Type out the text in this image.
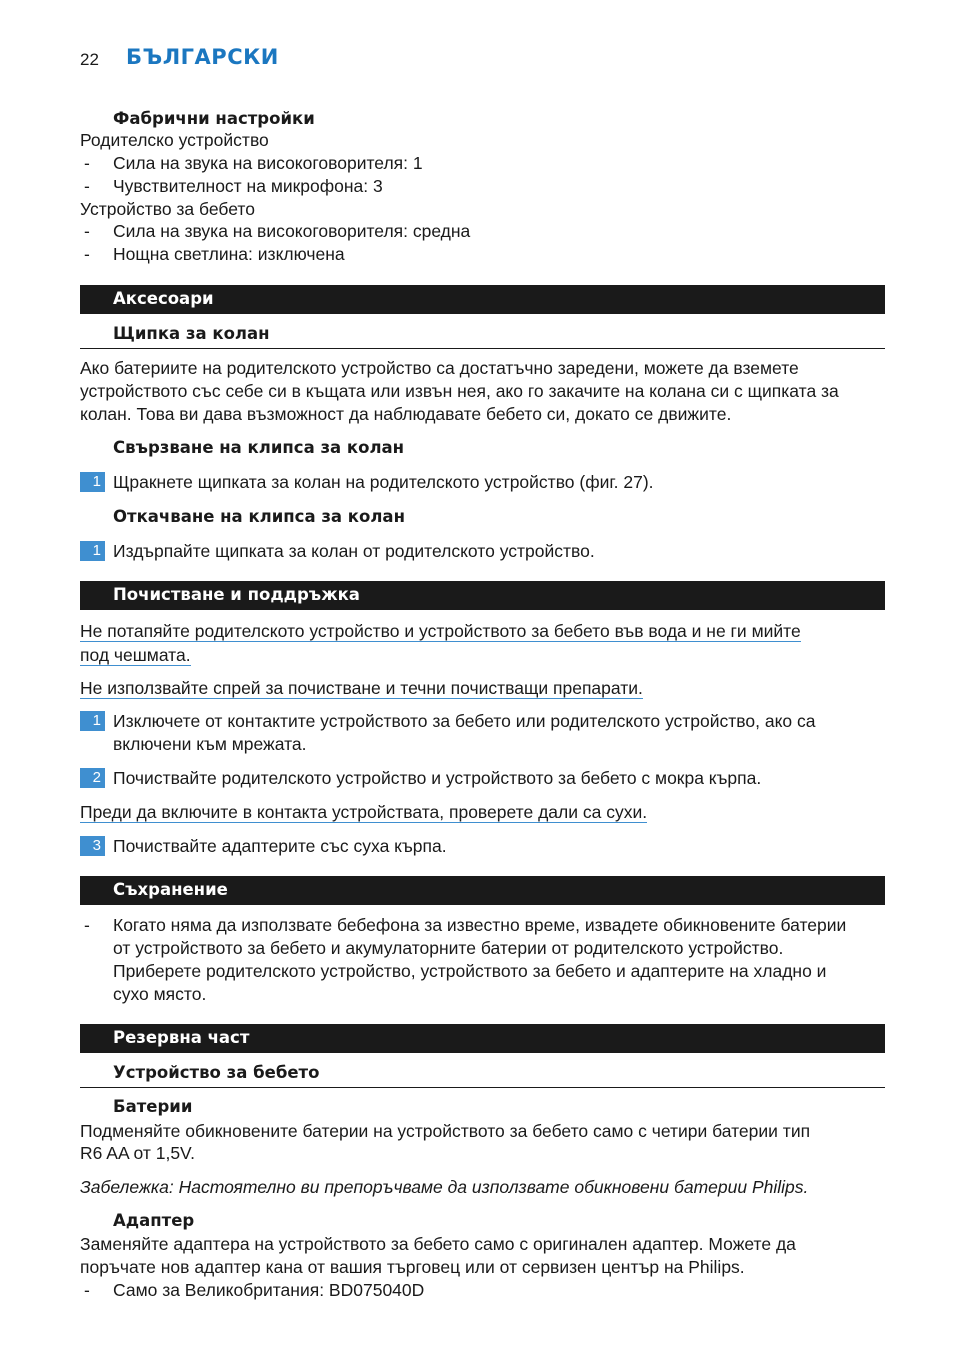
22 БЪЛГАРСКИ
Фабрични настройки
Родителско устройство
- Сила на звука на високоговорителя: 1
- Чувствителност на микрофона: 3
Устройство за бебето
- Сила на звука на високоговорителя: средна
- Нощна светлина: изключена
Аксесоари
Щипка за колан
Ако батериите на родителското устройство са достатъчно заредени, можете да вземете
устройството със себе си в къщата или извън нея, ако го закачите на колана си с щипката за
колан. Това ви дава възможност да наблюдавате бебето си, докато се движите.
Свързване на клипса за колан
1 Щракнете щипката за колан на родителското устройство (фиг. 27).
Откачване на клипса за колан
1 Издърпайте щипката за колан от родителското устройство.
Почистване и поддръжка
Не потапяйте родителското устройство и устройството за бебето във вода и не ги мийте
под чешмата.
Не използвайте спрей за почистване и течни почистващи препарати.
1 Изключете от контактите устройството за бебето или родителското устройство, ако са
включени към мрежата.
2 Почиствайте родителското устройство и устройството за бебето с мокра кърпа.
Преди да включите в контакта устройствата, проверете дали са сухи.
3 Почиствайте адаптерите със суха кърпа.
Съхранение
- Когато няма да използвате бебефона за известно време, извадете обикновените батерии
от устройството за бебето и акумулаторните батерии от родителското устройство.
Приберете родителското устройство, устройството за бебето и адаптерите на хладно и
сухо място.
Резервна част
Устройство за бебето
Батерии
Подменяйте обикновените батерии на устройството за бебето само с четири батерии тип
R6 AA от 1,5V.
Забележка: Настоятелно ви препоръчваме да използвате обикновени батерии Philips.
Адаптер
Заменяйте адаптера на устройството за бебето само с оригинален адаптер. Можете да
поръчате нов адаптер кана от вашия търговец или от сервизен център на Philips.
- Само за Великобритания: BD075040D
